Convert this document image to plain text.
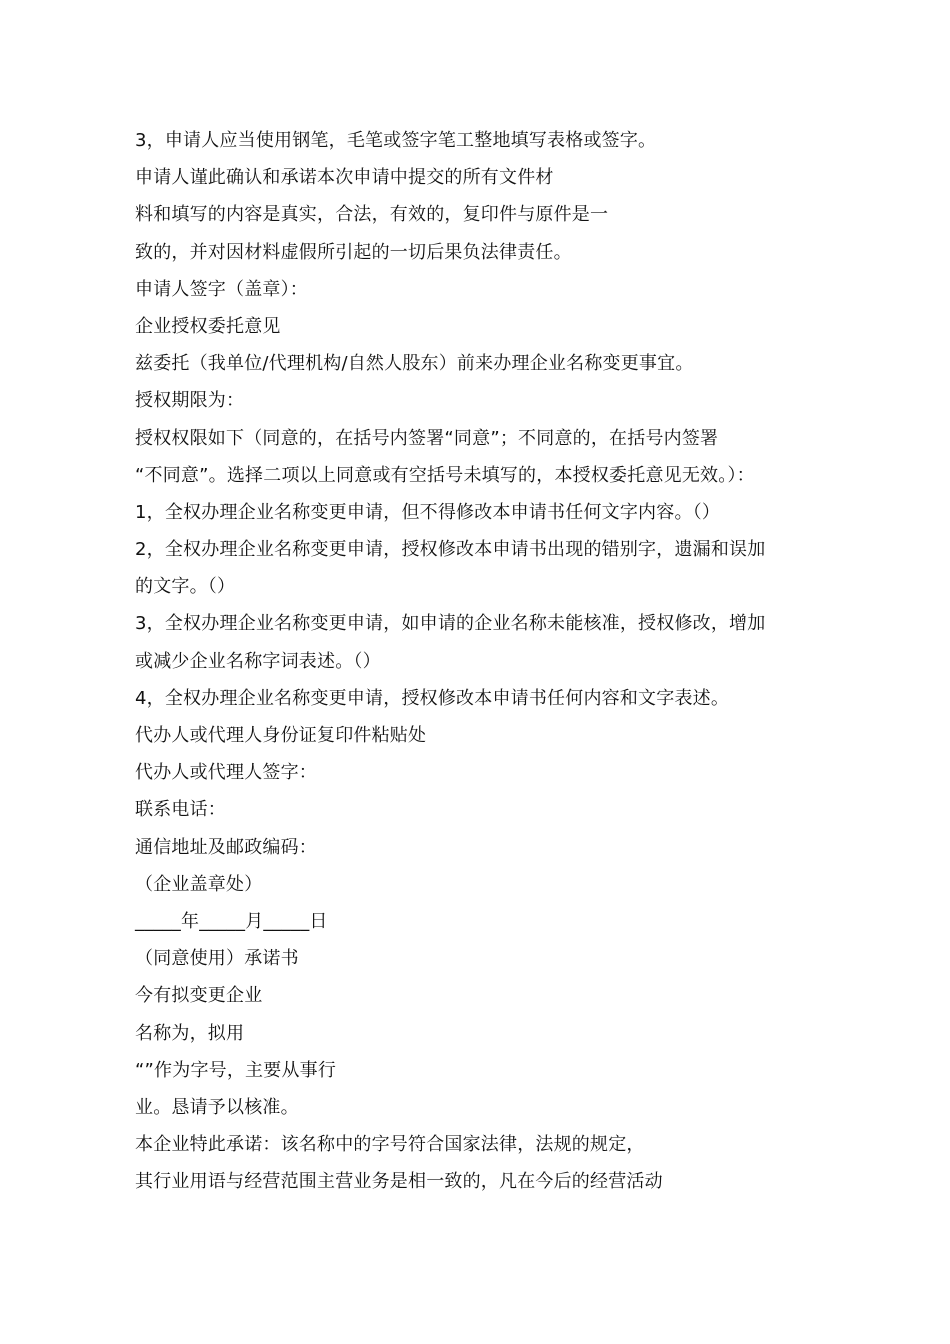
3，申请人应当使用钢笔，毛笔或签字笔工整地填写表格或签字。
申请人谨此确认和承诺本次申请中提交的所有文件材
料和填写的内容是真实，合法，有效的，复印件与原件是一
致的，并对因材料虚假所引起的一切后果负法律责任。
申请人签字（盖章）：
企业授权委托意见
兹委托（我单位/代理机构/自然人股东）前来办理企业名称变更事宜。
授权期限为：
授权权限如下（同意的，在括号内签署“同意”；不同意的，在括号内签署
“不同意”。选择二项以上同意或有空括号未填写的，本授权委托意见无效。）：
1，全权办理企业名称变更申请，但不得修改本申请书任何文字内容。（）
2，全权办理企业名称变更申请，授权修改本申请书出现的错别字，遗漏和误加
的文字。（）
3，全权办理企业名称变更申请，如申请的企业名称未能核准，授权修改，增加
或减少企业名称字词表述。（）
4，全权办理企业名称变更申请，授权修改本申请书任何内容和文字表述。
代办人或代理人身份证复印件粘贴处
代办人或代理人签字：
联系电话：
通信地址及邮政编码：
（企业盖章处）
_____年_____月_____日
（同意使用）承诺书
今有拟变更企业
名称为，拟用
“”作为字号，主要从事行
业。恳请予以核准。
本企业特此承诺：该名称中的字号符合国家法律，法规的规定，
其行业用语与经营范围主营业务是相一致的，凡在今后的经营活动
